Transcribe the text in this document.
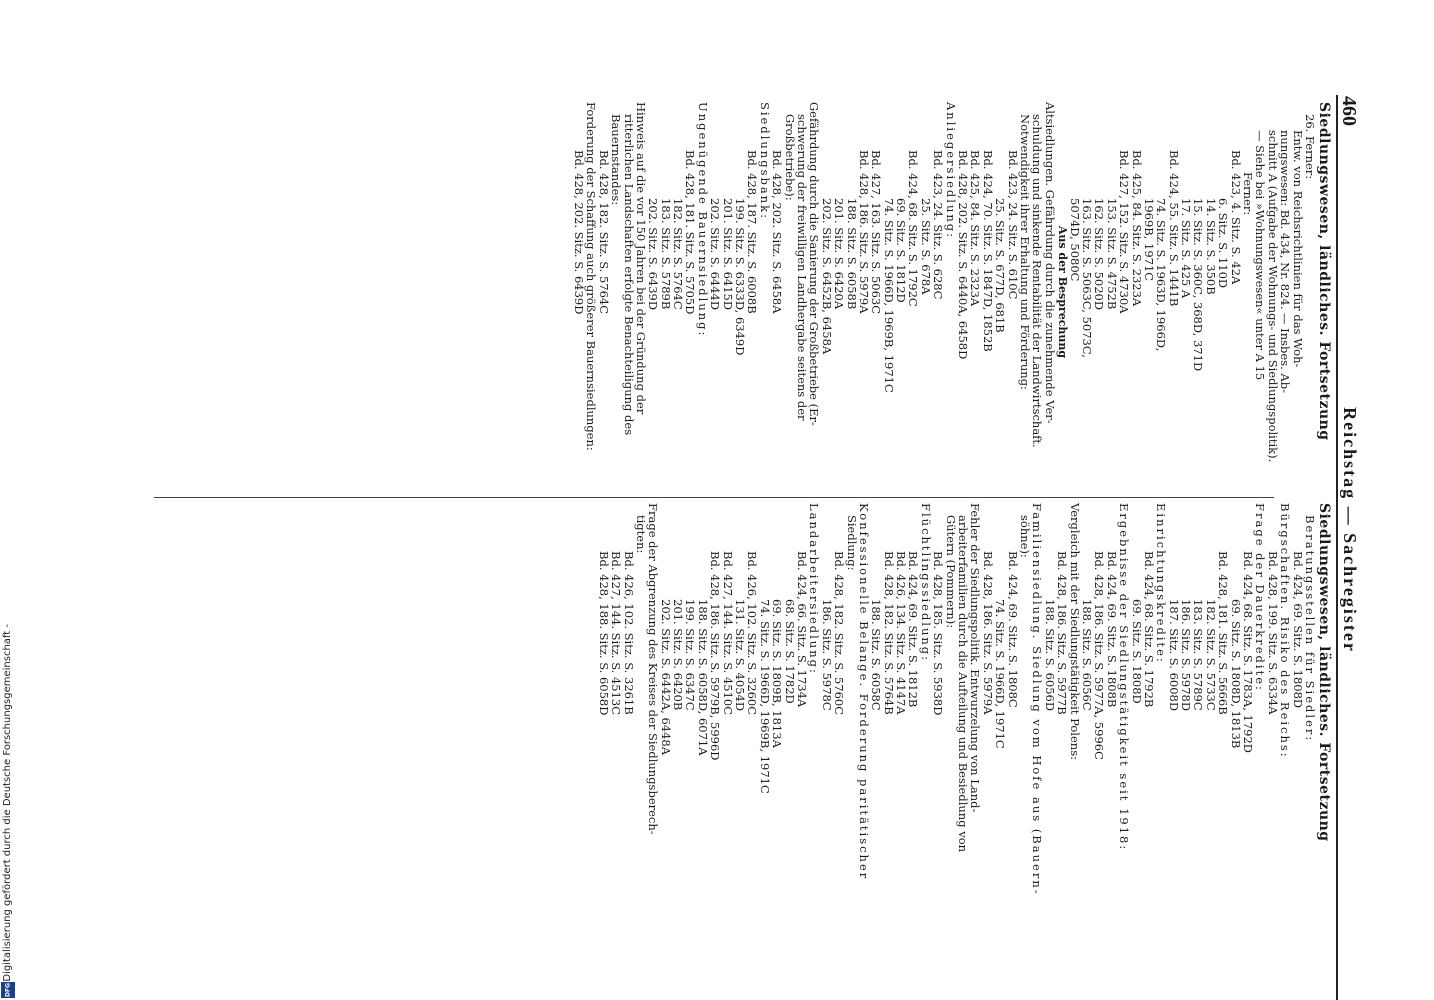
460
Reichstag — Sachregister
Siedlungswesen, ländliches. Fortsetzung
26. Ferner:
Entw. von Reichsrichtlinien für das Woh-
nungswesen: Bd. 434, Nr. 824. — Insbes. Ab-
schnitt A (Aufgabe der Wohnungs- und Siedlungspolitik).
— Siehe bei »Wohnungswesen« unter A 15
Ferner:
Bd. 423, 4. Sitz. S. 42A
6. Sitz. S. 110D
14. Sitz. S. 350B
15. Sitz. S. 360C, 368D, 371D
17. Sitz. S. 425 A
Bd. 424, 55. Sitz. S. 1441B
74. Sitz. S. 1963D, 1966D,
1969B, 1971C
Bd. 425, 84. Sitz. S. 2323A
Bd. 427, 152. Sitz. S. 4730A
153. Sitz. S. 4752B
162. Sitz. S. 5020D
163. Sitz. S. 5063C, 5073C,
5074D, 5080C
Aus der Besprechung
Altsiedlungen. Gefährdung durch die zunehmende Ver-
schuldung und sinkende Rentabilität der Landwirtschaft.
Notwendigkeit ihrer Erhaltung und Förderung:
Bd. 423, 24. Sitz. S. 610C
25. Sitz. S. 677D, 681B
Bd. 424, 70. Sitz. S. 1847D, 1852B
Bd. 425, 84. Sitz. S. 2323A
Bd. 428, 202. Sitz. S. 6440A, 6458D
Anliegersiedlung:
Bd. 423, 24. Sitz. S. 628C
25. Sitz. S. 678A
Bd. 424, 68. Sitz. S. 1792C
69. Sitz. S. 1812D
74. Sitz. S. 1966D, 1969B, 1971C
Bd. 427, 163. Sitz. S. 5063C
Bd. 428, 186. Sitz. S. 5979A
188. Sitz. S. 6058B
201. Sitz. S. 6420A
202. Sitz. S. 6452B, 6458A
Gefährdung durch die Sanierung der Großbetriebe (Er-
schwerung der freiwilligen Landhergabe seitens der
Großbetriebe):
Bd. 428, 202. Sitz. S. 6458A
Siedlungsbank:
Bd. 428, 187. Sitz. S. 6008B
199. Sitz. S. 6333D, 6349D
201. Sitz. S. 6415D
202. Sitz. S. 6444D
Ungenügende Bauernsiedlung:
Bd. 428, 181. Sitz. S. 5705D
182. Sitz. S. 5764C
183. Sitz. S. 5789B
202. Sitz. S. 6439D
Hinweis auf die vor 150 Jahren bei der Gründung der
ritterlichen Landschaften erfolgte Benachteiligung des
Bauernstandes:
Bd. 428, 182. Sitz. S. 5764C
Forderung der Schaffung auch größerer Bauernsiedlungen:
Bd. 428, 202. Sitz. S. 6439D
Siedlungswesen, ländliches. Fortsetzung
Beratungsstellen für Siedler:
Bd. 424, 69. Sitz. S. 1808D
Bürgschaften. Risiko des Reichs:
Bd. 428, 199. Sitz. S. 6334A
Frage der Dauerkredite:
Bd. 424, 68. Sitz. S. 1783A, 1792D
69. Sitz. S. 1808D, 1813B
Bd. 428, 181. Sitz. S. 5666B
182. Sitz. S. 5733C
183. Sitz. S. 5789C
186. Sitz. S. 5978D
187. Sitz. S. 6008D
Einrichtungskredite:
Bd. 424, 68. Sitz. S. 1792B
69. Sitz. S. 1808D
Ergebnisse der Siedlungstätigkeit seit 1918:
Bd. 424, 69. Sitz. S. 1808B
Bd. 428, 186. Sitz. S. 5977A, 5996C
188. Sitz. S. 6056C
Vergleich mit der Siedlungstätigkeit Polens:
Bd. 428, 186. Sitz. S. 5977B
188. Sitz. S. 6056D
Familiensiedlung. Siedlung vom Hofe aus (Bauern-
söhne):
Bd. 424, 69. Sitz. S. 1808C
74. Sitz. S. 1966D, 1971C
Bd. 428, 186. Sitz. S. 5979A
Fehler der Siedlungspolitik. Entwurzelung von Land-
arbeiterfamilien durch die Aufteilung und Besiedlung von
Gütern (Pommern):
Bd. 428, 185. Sitz. S. 5938D
Flüchtlingssiedlung:
Bd. 424, 69. Sitz. S. 1812B
Bd. 426, 134. Sitz. S. 4147A
Bd. 428, 182. Sitz. S. 5764B
188. Sitz. S. 6058C
Konfessionelle Belange. Forderung paritätischer
Siedlung:
Bd. 428, 182. Sitz. S. 5760C
186. Sitz. S. 5978C
Landarbeitersiedlung:
Bd. 424, 66. Sitz. S. 1734A
68. Sitz. S. 1782D
69. Sitz. S. 1809B, 1813A
74. Sitz. S. 1966D, 1969B, 1971C
Bd. 426, 102. Sitz. S. 3260C
131. Sitz. S. 4054D
Bd. 427, 144. Sitz. S. 4510C
Bd. 428, 186. Sitz. S. 5979B, 5996D
188. Sitz. S. 6058D, 6071A
199. Sitz. S. 6347C
201. Sitz. S. 6420B
202. Sitz. S. 6442A, 6448A
Frage der Abgrenzung des Kreises der Siedlungsberech-
tigten:
Bd. 426, 102. Sitz. S. 3261B
Bd. 427, 144. Sitz. S. 4513C
Bd. 428, 188. Sitz. S. 6058D
Digitalisierung gefördert durch die Deutsche Forschungsgemeinschaft -
DFG
